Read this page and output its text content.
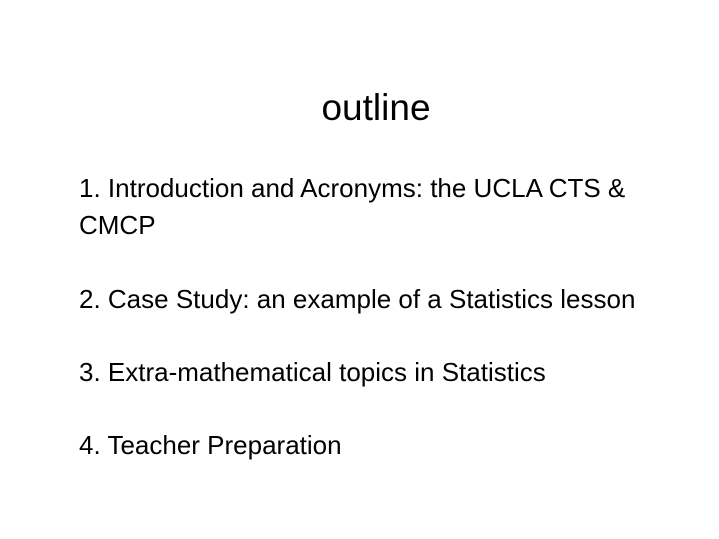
outline
1. Introduction and Acronyms: the UCLA CTS &
CMCP
2. Case Study: an example of a Statistics lesson
3. Extra-mathematical topics in Statistics
4. Teacher Preparation
